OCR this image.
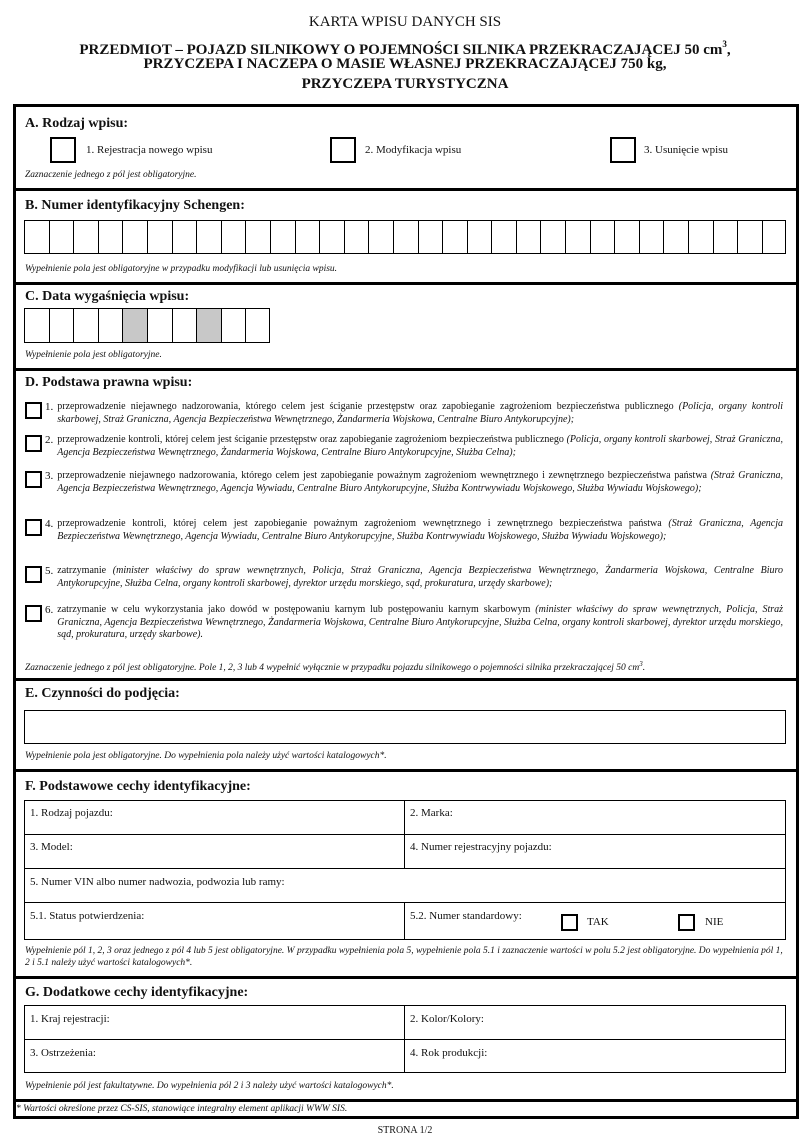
KARTA WPISU DANYCH SIS
PRZEDMIOT – POJAZD SILNIKOWY O POJEMNOŚCI SILNIKA PRZEKRACZAJĄCEJ 50 $cm^3$,
PRZYCZEPA I NACZEPA O MASIE WŁASNEJ PRZEKRACZAJĄCEJ 750 kg,
PRZYCZEPA TURYSTYCZNA
A. Rodzaj wpisu:
1. Rejestracja nowego wpisu	2. Modyfikacja wpisu	3. Usunięcie wpisu
Zaznaczenie jednego z pól jest obligatoryjne.
B. Numer identyfikacyjny Schengen:
Wypełnienie pola jest obligatoryjne w przypadku modyfikacji lub usunięcia wpisu.
C. Data wygaśnięcia wpisu:
Wypełnienie pola jest obligatoryjne.
D. Podstawa prawna wpisu:
1. przeprowadzenie niejawnego nadzorowania, którego celem jest ściganie przestępstw oraz zapobieganie zagrożeniom bezpieczeństwa publicznego (Policja, organy kontroli skarbowej, Straż Graniczna, Agencja Bezpieczeństwa Wewnętrznego, Żandarmeria Wojskowa, Centralne Biuro Antykorupcyjne);
2. przeprowadzenie kontroli, której celem jest ściganie przestępstw oraz zapobieganie zagrożeniom bezpieczeństwa publicznego (Policja, organy kontroli skarbowej, Straż Graniczna, Agencja Bezpieczeństwa Wewnętrznego, Żandarmeria Wojskowa, Centralne Biuro Antykorupcyjne, Służba Celna);
3. przeprowadzenie niejawnego nadzorowania, którego celem jest zapobieganie poważnym zagrożeniom wewnętrznego i zewnętrznego bezpieczeństwa państwa (Straż Graniczna, Agencja Bezpieczeństwa Wewnętrznego, Agencja Wywiadu, Centralne Biuro Antykorupcyjne, Służba Kontrwywiadu Wojskowego, Służba Wywiadu Wojskowego);
4. przeprowadzenie kontroli, której celem jest zapobieganie poważnym zagrożeniom wewnętrznego i zewnętrznego bezpieczeństwa państwa (Straż Graniczna, Agencja Bezpieczeństwa Wewnętrznego, Agencja Wywiadu, Centralne Biuro Antykorupcyjne, Służba Kontrwywiadu Wojskowego, Służba Wywiadu Wojskowego);
5. zatrzymanie (minister właściwy do spraw wewnętrznych, Policja, Straż Graniczna, Agencja Bezpieczeństwa Wewnętrznego, Żandarmeria Wojskowa, Centralne Biuro Antykorupcyjne, Służba Celna, organy kontroli skarbowej, dyrektor urzędu morskiego, sąd, prokuratura, urzędy skarbowe);
6. zatrzymanie w celu wykorzystania jako dowód w postępowaniu karnym lub postępowaniu karnym skarbowym (minister właściwy do spraw wewnętrznych, Policja, Straż Graniczna, Agencja Bezpieczeństwa Wewnętrznego, Żandarmeria Wojskowa, Centralne Biuro Antykorupcyjne, Służba Celna, organy kontroli skarbowej, dyrektor urzędu morskiego, sąd, prokuratura, urzędy skarbowe).
Zaznaczenie jednego z pól jest obligatoryjne. Pole 1, 2, 3 lub 4 wypełnić wyłącznie w przypadku pojazdu silnikowego o pojemności silnika przekraczającej 50 $cm^3$.
E. Czynności do podjęcia:
Wypełnienie pola jest obligatoryjne. Do wypełnienia pola należy użyć wartości katalogowych*.
F. Podstawowe cechy identyfikacyjne:
1. Rodzaj pojazdu:	2. Marka:
3. Model:	4. Numer rejestracyjny pojazdu:
5. Numer VIN albo numer nadwozia, podwozia lub ramy:
5.1. Status potwierdzenia:	5.2. Numer standardowy:	TAK	NIE
Wypełnienie pól 1, 2, 3 oraz jednego z pól 4 lub 5 jest obligatoryjne. W przypadku wypełnienia pola 5, wypełnienie pola 5.1 i zaznaczenie wartości w polu 5.2 jest obligatoryjne. Do wypełnienia pól 1, 2 i 5.1 należy użyć wartości katalogowych*.
G. Dodatkowe cechy identyfikacyjne:
1. Kraj rejestracji:	2. Kolor/Kolory:
3. Ostrzeżenia:	4. Rok produkcji:
Wypełnienie pól jest fakultatywne. Do wypełnienia pól 2 i 3 należy użyć wartości katalogowych*.
* Wartości określone przez CS-SIS, stanowiące integralny element aplikacji WWW SIS.
STRONA 1/2
